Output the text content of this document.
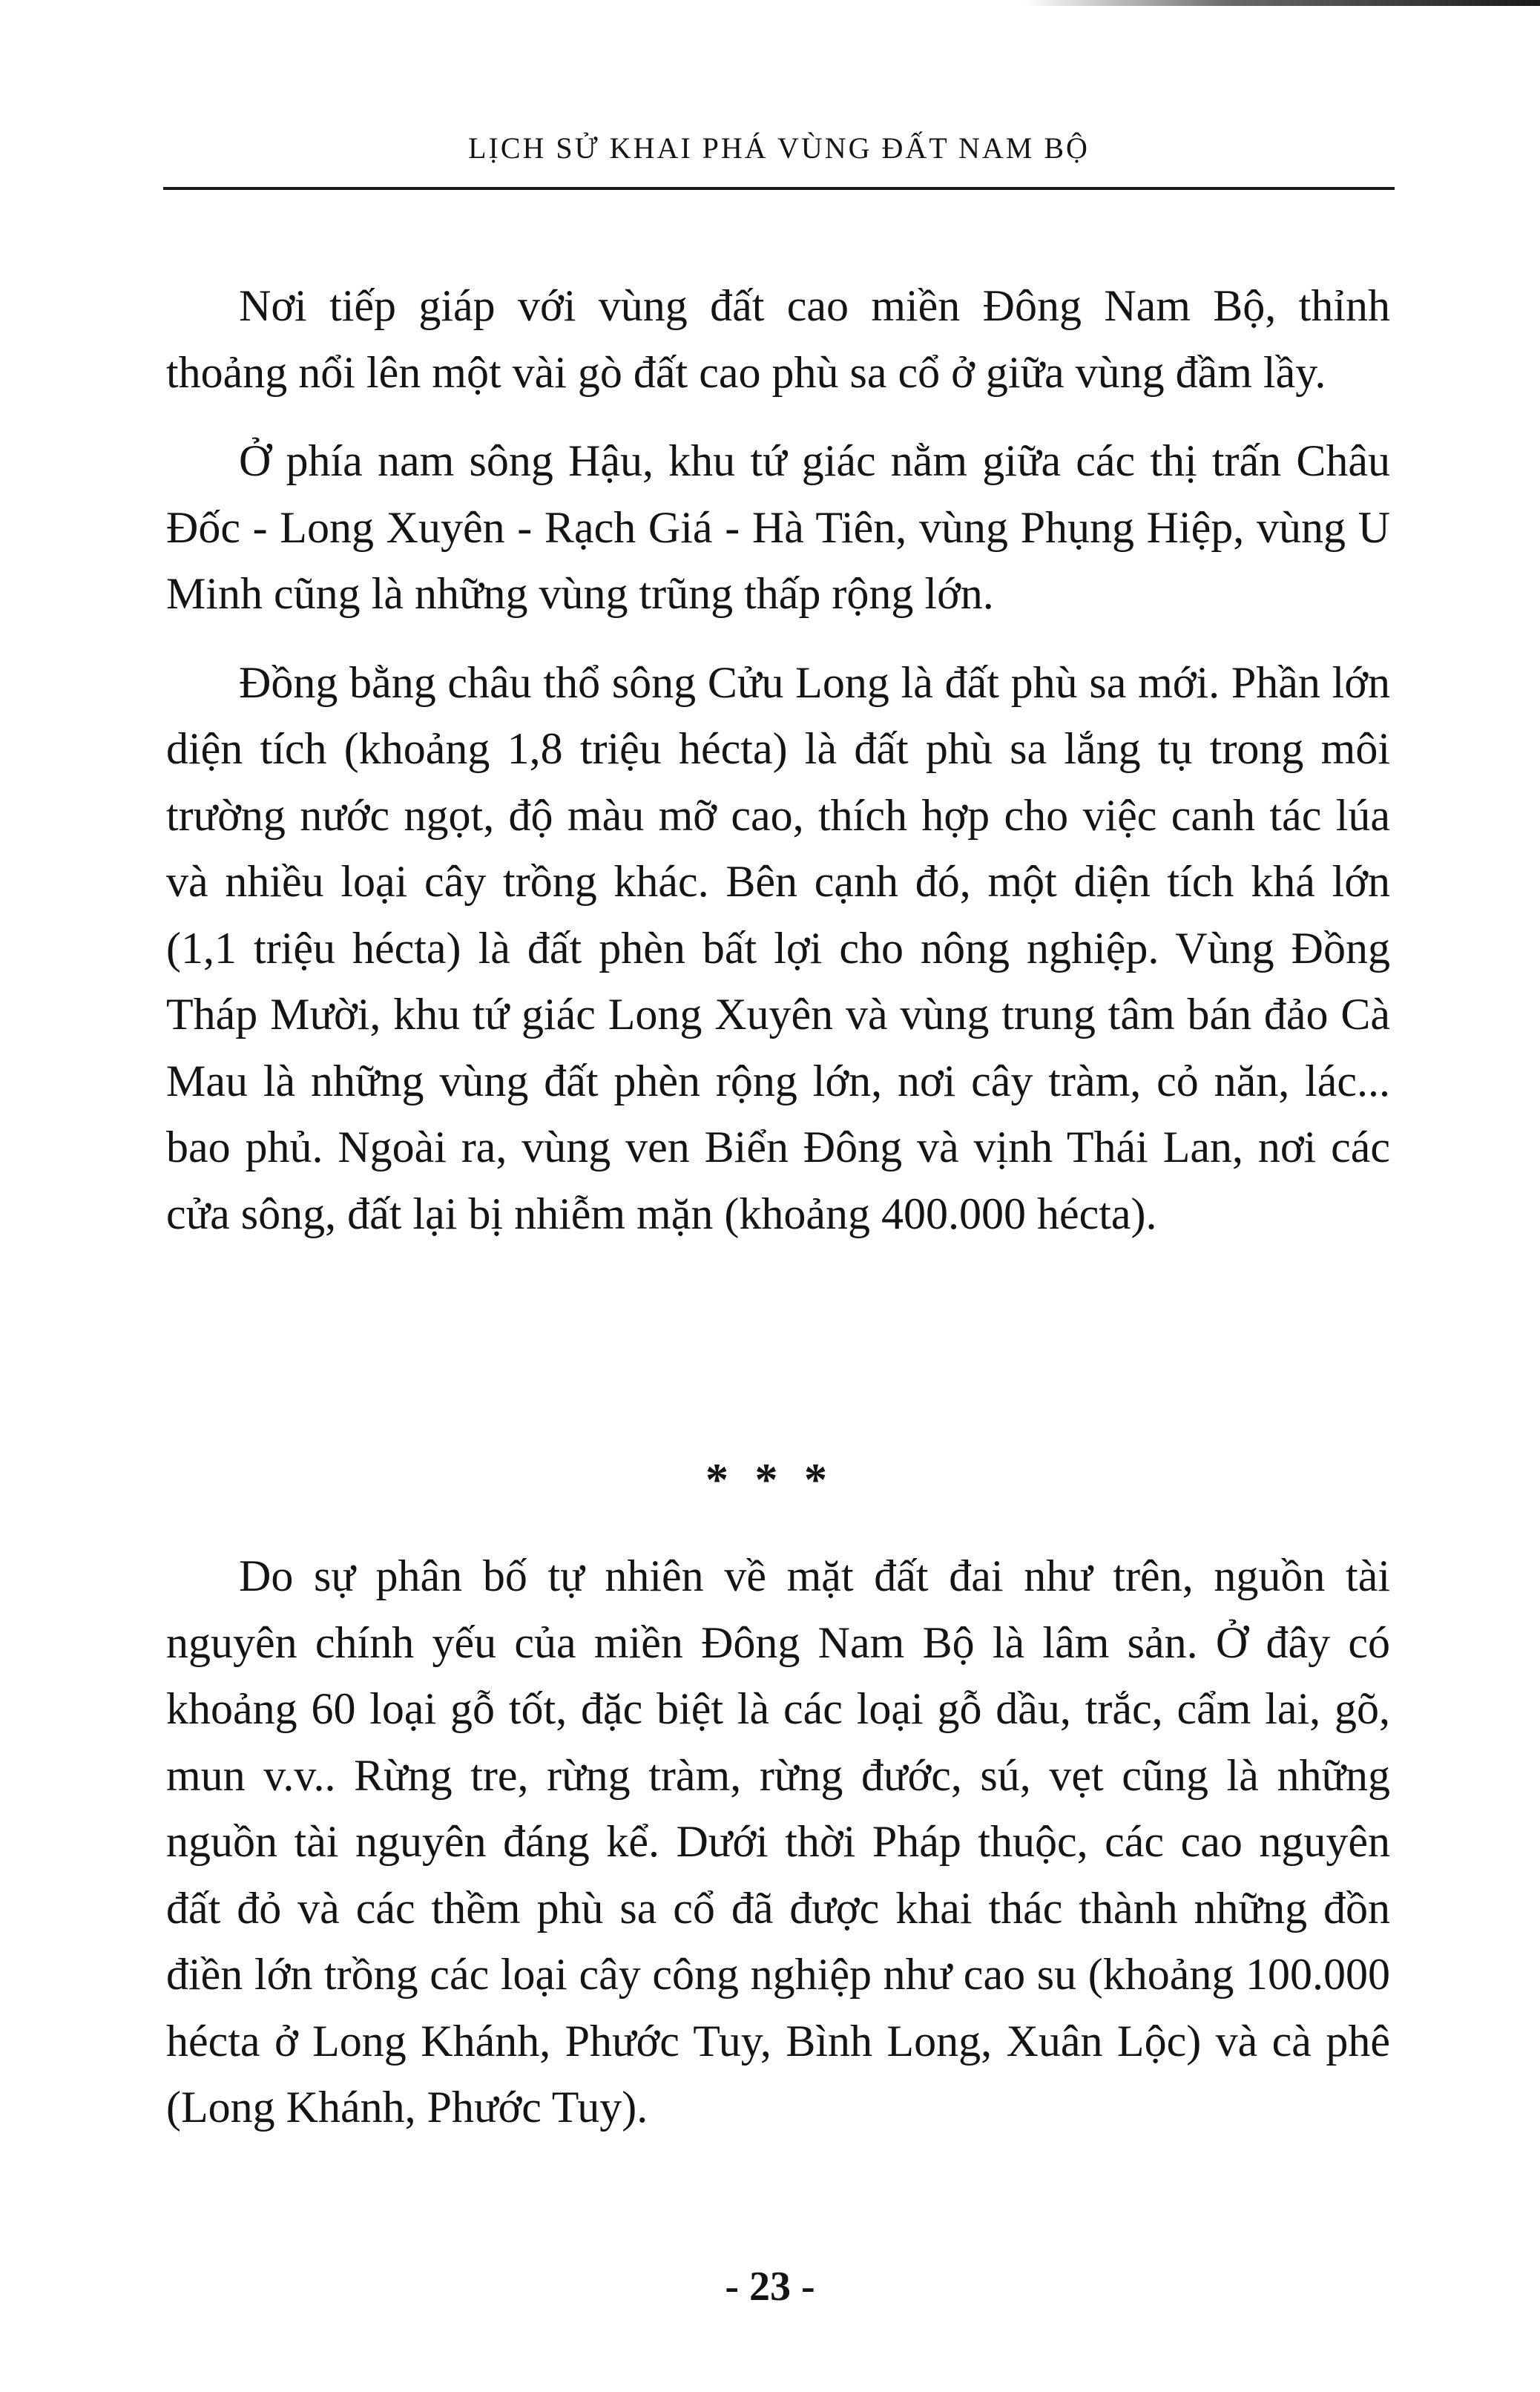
LỊCH SỬ KHAI PHÁ VÙNG ĐẤT NAM BỘ

Nơi tiếp giáp với vùng đất cao miền Đông Nam Bộ, thỉnh thoảng nổi lên một vài gò đất cao phù sa cổ ở giữa vùng đầm lầy.

Ở phía nam sông Hậu, khu tứ giác nằm giữa các thị trấn Châu Đốc - Long Xuyên - Rạch Giá - Hà Tiên, vùng Phụng Hiệp, vùng U Minh cũng là những vùng trũng thấp rộng lớn.

Đồng bằng châu thổ sông Cửu Long là đất phù sa mới. Phần lớn diện tích (khoảng 1,8 triệu hécta) là đất phù sa lắng tụ trong môi trường nước ngọt, độ màu mỡ cao, thích hợp cho việc canh tác lúa và nhiều loại cây trồng khác. Bên cạnh đó, một diện tích khá lớn (1,1 triệu hécta) là đất phèn bất lợi cho nông nghiệp. Vùng Đồng Tháp Mười, khu tứ giác Long Xuyên và vùng trung tâm bán đảo Cà Mau là những vùng đất phèn rộng lớn, nơi cây tràm, cỏ năn, lác... bao phủ. Ngoài ra, vùng ven Biển Đông và vịnh Thái Lan, nơi các cửa sông, đất lại bị nhiễm mặn (khoảng 400.000 hécta).

* * *

Do sự phân bố tự nhiên về mặt đất đai như trên, nguồn tài nguyên chính yếu của miền Đông Nam Bộ là lâm sản. Ở đây có khoảng 60 loại gỗ tốt, đặc biệt là các loại gỗ dầu, trắc, cẩm lai, gõ, mun v.v.. Rừng tre, rừng tràm, rừng đước, sú, vẹt cũng là những nguồn tài nguyên đáng kể. Dưới thời Pháp thuộc, các cao nguyên đất đỏ và các thềm phù sa cổ đã được khai thác thành những đồn điền lớn trồng các loại cây công nghiệp như cao su (khoảng 100.000 hécta ở Long Khánh, Phước Tuy, Bình Long, Xuân Lộc) và cà phê (Long Khánh, Phước Tuy).

- 23 -
